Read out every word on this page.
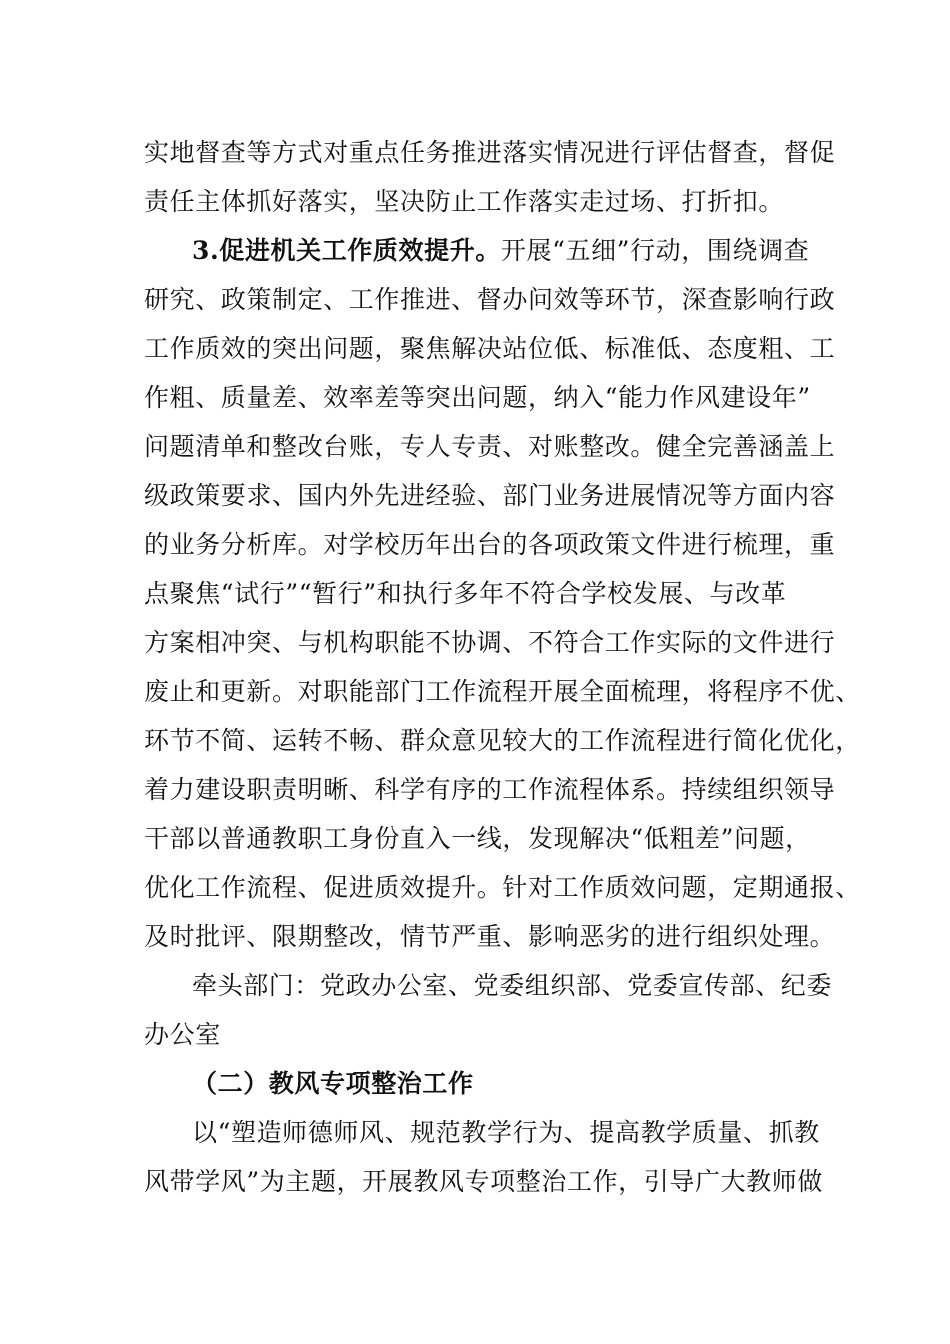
实地督查等方式对重点任务推进落实情况进行评估督查，督促
责任主体抓好落实，坚决防止工作落实走过场、打折扣。
3.促进机关工作质效提升。开展“五细”行动，围绕调查
研究、政策制定、工作推进、督办问效等环节，深查影响行政
工作质效的突出问题，聚焦解决站位低、标准低、态度粗、工
作粗、质量差、效率差等突出问题，纳入“能力作风建设年”
问题清单和整改台账，专人专责、对账整改。健全完善涵盖上
级政策要求、国内外先进经验、部门业务进展情况等方面内容
的业务分析库。对学校历年出台的各项政策文件进行梳理，重
点聚焦“试行”“暂行”和执行多年不符合学校发展、与改革
方案相冲突、与机构职能不协调、不符合工作实际的文件进行
废止和更新。对职能部门工作流程开展全面梳理，将程序不优、
环节不简、运转不畅、群众意见较大的工作流程进行简化优化，
着力建设职责明晰、科学有序的工作流程体系。持续组织领导
干部以普通教职工身份直入一线，发现解决“低粗差”问题，
优化工作流程、促进质效提升。针对工作质效问题，定期通报、
及时批评、限期整改，情节严重、影响恶劣的进行组织处理。
牵头部门：党政办公室、党委组织部、党委宣传部、纪委
办公室
（二）教风专项整治工作
以“塑造师德师风、规范教学行为、提高教学质量、抓教
风带学风”为主题，开展教风专项整治工作，引导广大教师做
